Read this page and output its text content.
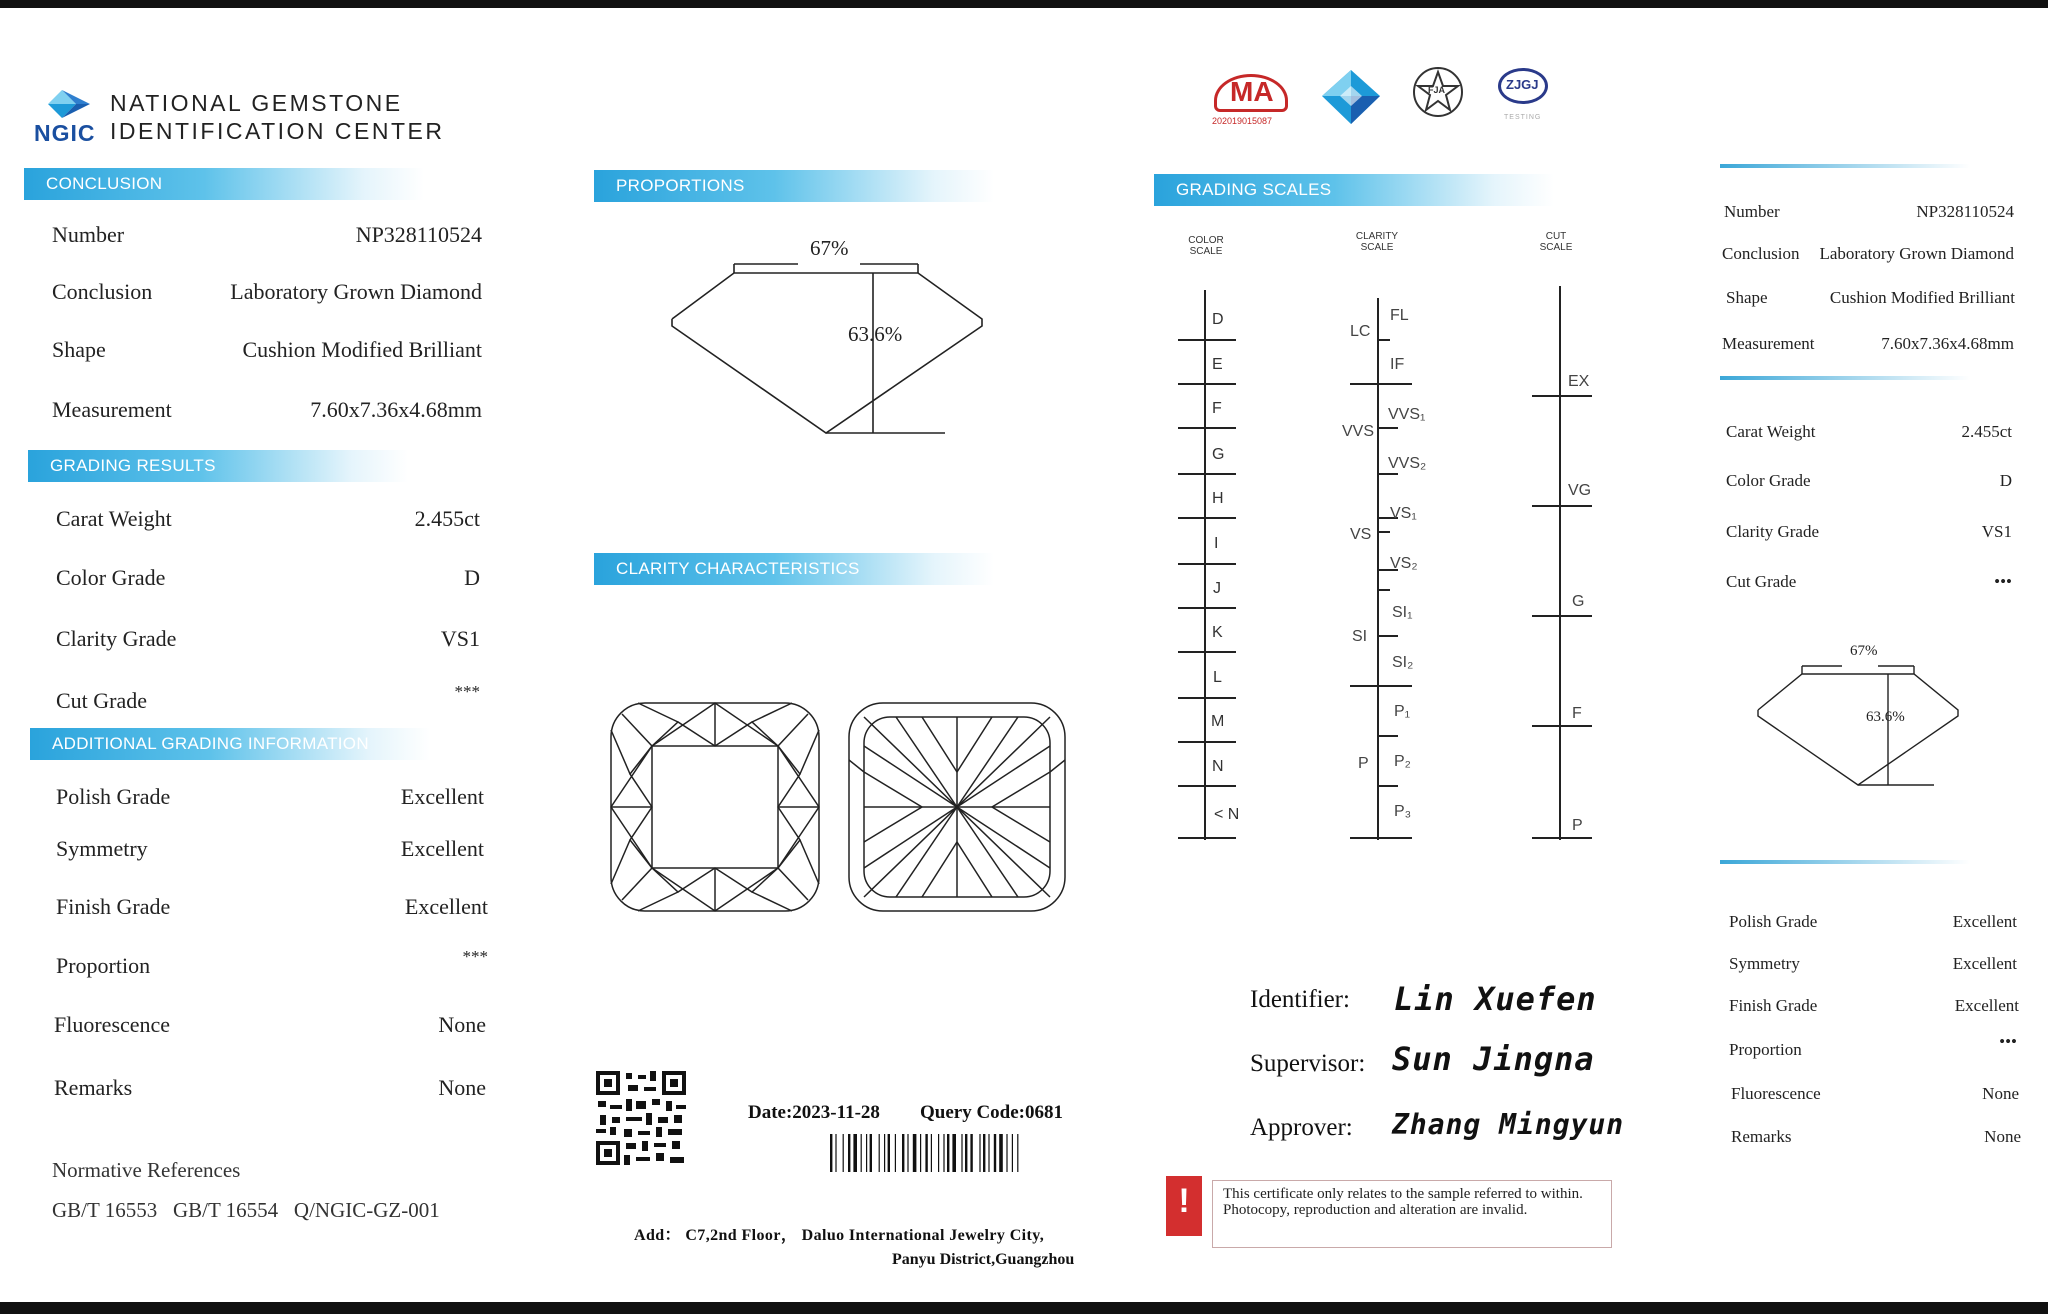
NGIC
NATIONAL GEMSTONE
IDENTIFICATION CENTER
CONCLUSION
Number	NP328110524
Conclusion	Laboratory Grown Diamond
Shape	Cushion Modified Brilliant
Measurement	7.60x7.36x4.68mm
GRADING RESULTS
Carat Weight	2.455ct
Color Grade	D
Clarity Grade	VS1
Cut Grade	***
ADDITIONAL GRADING INFORMATION
Polish Grade	Excellent
Symmetry	Excellent
Finish Grade	Excellent
Proportion	***
Fluorescence	None
Remarks	None
Normative References
GB/T 16553   GB/T 16554   Q/NGIC-GZ-001
PROPORTIONS
67%
63.6%
CLARITY CHARACTERISTICS
Date:2023-11-28 Query Code:0681
Add： C7,2nd Floor， Daluo International Jewelry City,
Panyu District,Guangzhou
MA
202019015087
FJA	ZJGJ
TESTING
GRADING SCALES
COLOR SCALE
CLARITY SCALE
CUT SCALE
D
E
F
G
H
I
J
K
L
M
N
< N
FL
IF
VVS₁
VVS₂
VS₁
VS₂
SI₁
SI₂
P₁
P₂
P₃
LC
VVS
VS
SI
P
EX
VG
G
F
P
Identifier: Lin Xuefen
Supervisor: Sun Jingna
Approver: Zhang Mingyun
!	This certificate only relates to the sample referred to within. Photocopy, reproduction and alteration are invalid.
Number	NP328110524
Conclusion Laboratory Grown Diamond
Shape	Cushion Modified Brilliant
Measurement	7.60x7.36x4.68mm
Carat Weight	2.455ct
Color Grade	D
Clarity Grade	VS1
Cut Grade	•••
67%
63.6%
Polish Grade	Excellent
Symmetry	Excellent
Finish Grade	Excellent
Proportion	•••
Fluorescence	None
Remarks	None
